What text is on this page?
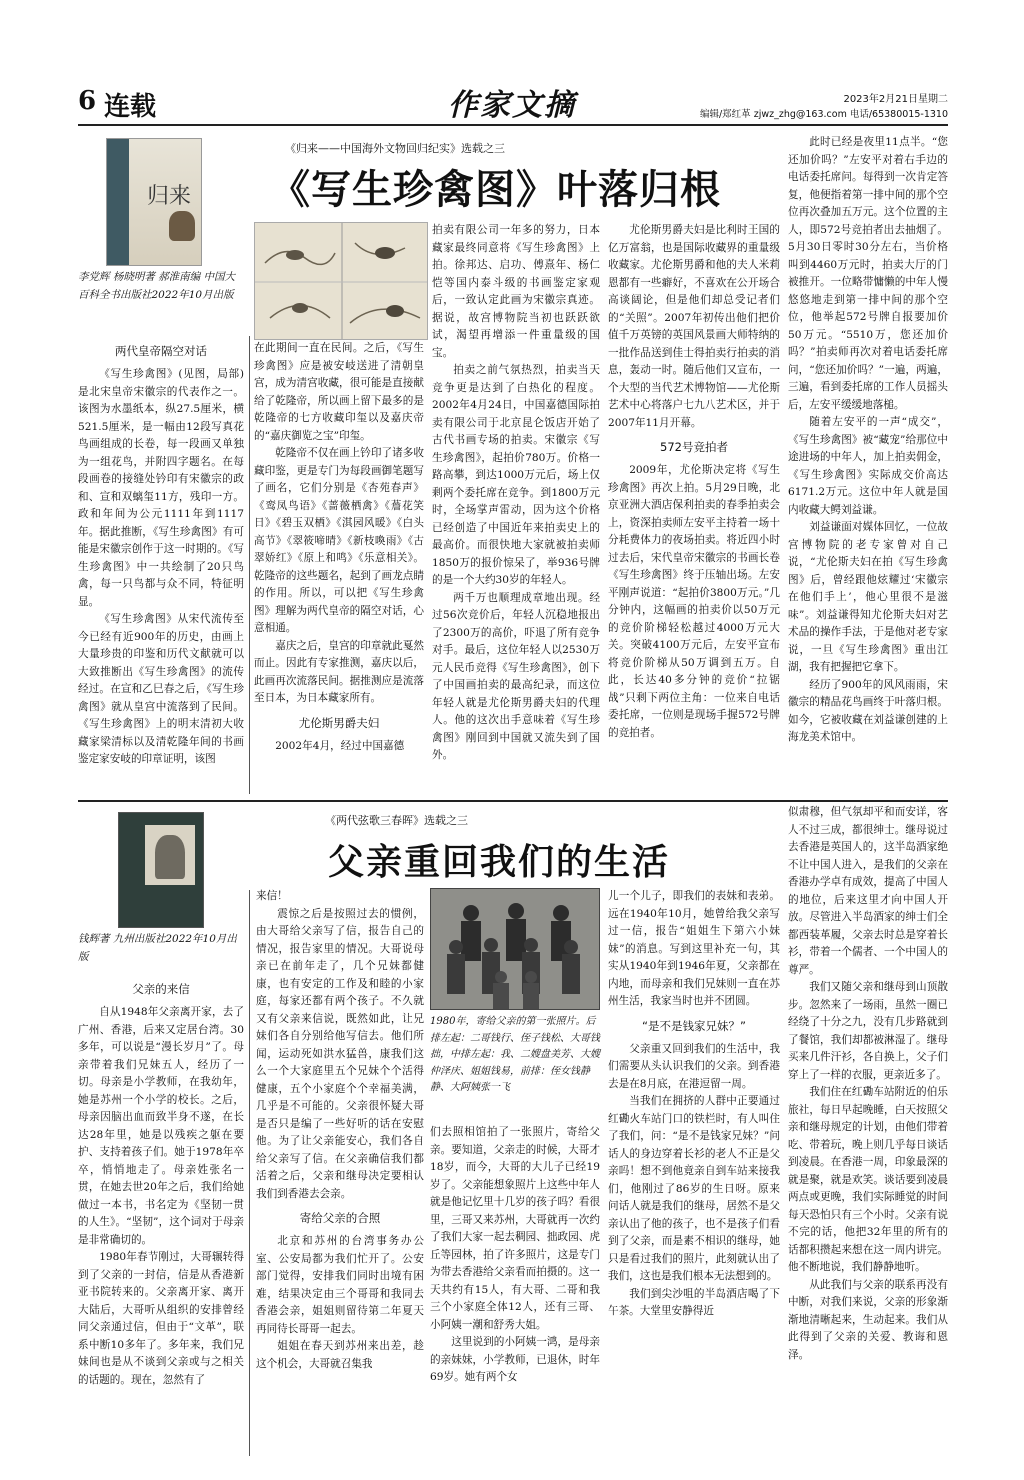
6 连载	作家文摘	2023年2月21日星期二
编辑/郑红革 zjwz_zhg@163.com 电话/65380015-1310
归来
李党辉 杨晓明著 郝淮南编 中国大百科全书出版社2022年10月出版
《归来——中国海外文物回归纪实》选载之三
《写生珍禽图》叶落归根
两代皇帝隔空对话

《写生珍禽图》(见图，局部)是北宋皇帝宋徽宗的代表作之一。该图为水墨纸本，纵27.5厘米，横521.5厘米，是一幅由12段写真花鸟画组成的长卷，每一段画又单独为一组花鸟，并附四字题名。在每段画卷的接缝处钤印有宋徽宗的政和、宣和双螭玺11方，残印一方。政和年间为公元1111年到1117年。据此推断，《写生珍禽图》有可能是宋徽宗创作于这一时期的。《写生珍禽图》中一共绘制了20只鸟禽，每一只鸟都与众不同，特征明显。

《写生珍禽图》从宋代流传至今已经有近900年的历史，由画上大量珍贵的印鉴和历代文献就可以大致推断出《写生珍禽图》的流传经过。在宣和乙巳春之后，《写生珍禽图》就从皇宫中流落到了民间。《写生珍禽图》上的明末清初大收藏家梁清标以及清乾隆年间的书画鉴定家安岐的印章证明，该图

在此期间一直在民间。之后，《写生珍禽图》应是被安岐送进了清朝皇宫，成为清宫收藏，很可能是直接献给了乾隆帝，所以画上留下最多的是乾隆帝的七方收藏印玺以及嘉庆帝的“嘉庆御览之宝”印玺。

乾隆帝不仅在画上钤印了诸多收藏印鉴，更是专门为每段画御笔题写了画名，它们分别是《杏苑春声》《鸾凤鸟语》《蔷薇栖禽》《薝花笑日》《碧玉双栖》《淇园风暖》《白头高节》《翠筱啼晴》《新枝喚雨》《古翠娇红》《原上和鸣》《乐意相关》。乾隆帝的这些题名，起到了画龙点睛的作用。所以，可以把《写生珍禽图》理解为两代皇帝的隔空对话，心意相通。

嘉庆之后，皇宫的印章就此戛然而止。因此有专家推测，嘉庆以后，此画再次流落民间。据推测应是流落至日本，为日本藏家所有。

尤伦斯男爵夫妇

2002年4月，经过中国嘉德

拍卖有限公司一年多的努力，日本藏家最终同意将《写生珍禽图》上拍。徐邦达、启功、傅熹年、杨仁恺等国内泰斗级的书画鉴定家观后，一致认定此画为宋徽宗真迹。据说，故宫博物院当初也跃跃欲试，渴望再增添一件重量级的国宝。

拍卖之前气氛热烈，拍卖当天竞争更是达到了白热化的程度。2002年4月24日，中国嘉德国际拍卖有限公司于北京昆仑饭店开始了古代书画专场的拍卖。宋徽宗《写生珍禽图》，起拍价780万。价格一路高攀，到达1000万元后，场上仅剩两个委托席在竞争。到1800万元时，全场掌声雷动，因为这个价格已经创造了中国近年来拍卖史上的最高价。而很快地大家就被拍卖师1850万的报价惊呆了，举936号牌的是一个大约30岁的年轻人。

两千万也顺理成章地出现。经过56次竞价后，年轻人沉稳地报出了2300万的高价，吓退了所有竞争对手。最后，这位年轻人以2530万元人民币竞得《写生珍禽图》，创下了中国画拍卖的最高纪录，而这位年轻人就是尤伦斯男爵夫妇的代理人。他的这次出手意味着《写生珍禽图》刚回到中国就又流失到了国外。

尤伦斯男爵夫妇是比利时王国的亿万富翁，也是国际收藏界的重量级收藏家。尤伦斯男爵和他的夫人米莉恩都有一些癖好，不喜欢在公开场合高谈阔论，但是他们却总受记者们的“关照”。2007年初传出他们把价值千万英镑的英国风景画大师特纳的一批作品送到佳士得拍卖行拍卖的消息，轰动一时。随后他们又宣布，一个大型的当代艺术博物馆——尤伦斯艺术中心将落户七九八艺术区，并于2007年11月开幕。

572号竞拍者

2009年，尤伦斯决定将《写生珍禽图》再次上拍。5月29日晚，北京亚洲大酒店保利拍卖的春季拍卖会上，资深拍卖师左安平主持着一场十分耗费体力的夜场拍卖。将近四小时过去后，宋代皇帝宋徽宗的书画长卷《写生珍禽图》终于压轴出场。左安平刚声说道：“起拍价3800万元。”几分钟内，这幅画的拍卖价以50万元的竞价阶梯轻松越过4000万元大关。突破4100万元后，左安平宣布将竞价阶梯从50万调到五万。自此，长达40多分钟的竞价“拉锯战”只剩下两位主角：一位来自电话委托席，一位则是现场手握572号牌的竞拍者。

此时已经是夜里11点半。“您还加价吗？”左安平对着右手边的电话委托席问。每得到一次肯定答复，他便指着第一排中间的那个空位再次叠加五万元。这个位置的主人，即572号竞拍者出去抽烟了。5月30日零时30分左右，当价格叫到4460万元时，拍卖大厅的门被推开。一位略带慵懒的中年人慢悠悠地走到第一排中间的那个空位，他举起572号牌自报要加价50万元。“5510万，您还加价吗？”拍卖师再次对着电话委托席问，“您还加价吗？”一遍，两遍，三遍，看到委托席的工作人员摇头后，左安平缓缓地落槌。

随着左安平的一声“成交”，《写生珍禽图》被“藏宠”给那位中途进场的中年人，加上拍卖佣金，《写生珍禽图》实际成交价高达6171.2万元。这位中年人就是国内收藏大鳄刘益谦。

刘益谦面对媒体回忆，一位故宫博物院的老专家曾对自己说，“尤伦斯夫妇在拍《写生珍禽图》后，曾经跟他炫耀过‘宋徽宗在他们手上’，他心里很不是滋味”。刘益谦得知尤伦斯夫妇对艺术品的操作手法，于是他对老专家说，一旦《写生珍禽图》重出江湖，我有把握把它拿下。

经历了900年的风风雨雨，宋徽宗的精品花鸟画终于叶落归根。如今，它被收藏在刘益谦创建的上海龙美术馆中。

钱辉著 九州出版社2022年10月出版
《两代弦歌三春晖》选载之三
父亲重回我们的生活
父亲的来信

自从1948年父亲离开家，去了广州、香港，后来又定居台湾。30多年，可以说是“漫长岁月”了。母亲带着我们兄妹五人，经历了一切。母亲是小学教师，在我幼年，她是苏州一个小学的校长。之后，母亲因脑出血而致半身不遂，在长达28年里，她是以残疾之躯在要护、支持着孩子们。她于1978年卒卒，悄悄地走了。母亲姓张名一贯，在她去世20年之后，我们给她做过一本书，书名定为《坚韧一贯的人生》。“坚韧”，这个词对于母亲是非常确切的。

1980年春节刚过，大哥辗转得到了父亲的一封信，信是从香港新亚书院转来的。父亲离开家、离开大陆后，大哥听从组织的安排曾经同父亲通过信，但由于“文革”，联系中断10多年了。多年来，我们兄妹间也是从不谈到父亲或与之相关的话题的。现在，忽然有了

来信！

震惊之后是按照过去的惯例，由大哥给父亲写了信，报告自己的情况，报告家里的情况。大哥说母亲已在前年走了，几个兄妹都健康，也有安定的工作及和睦的小家庭，每家还都有两个孩子。不久就又有父亲来信说，既然如此，让兄妹们各自分别给他写信去。他们所闻，运动死如洪水猛兽，康我们这么一个大家庭里五个兄妹个个活得健康，五个小家庭个个幸福美满，几乎是不可能的。父亲很怀疑大哥是否只是编了一些好听的话在安慰他。为了让父亲能安心，我们各自给父亲写了信。在父亲确信我们都活着之后，父亲和继母决定要相认我们到香港去会亲。

寄给父亲的合照

北京和苏州的台湾事务办公室、公安局都为我们忙开了。公安部门觉得，安排我们同时出境有困难，结果决定由三个哥哥和我同去香港会亲，姐姐则留待第二年夏天再同待长哥哥一起去。

姐姐在春天到苏州来出差，趁这个机会，大哥就召集我

1980年，寄给父亲的第一张照片。后排左起：二哥钱行、侄子钱松、大哥钱拙，中排左起：我、二嫂盘美芳、大嫂仲泽庆、姐姐钱易，前排：侄女钱静静、大阿姨张一飞

们去照相馆拍了一张照片，寄给父亲。要知道，父亲走的时候，大哥才18岁，而今，大哥的大儿子已经19岁了。父亲能想象照片上这些中年人就是他记忆里十几岁的孩子吗？看很里，三哥又来苏州，大哥就再一次约了我们大家一起去稠园、拙政园、虎丘等园林，拍了许多照片，这是专门为带去香港给父亲看而拍摄的。这一天共约有15人，有大哥、二哥和我三个小家庭全体12人，还有三哥、小阿姨一潮和舒秀大姐。

这里说到的小阿姨一鸿，是母亲的亲妹妹，小学教师，已退休，时年69岁。她有两个女

儿一个儿子，即我们的表妹和表弟。远在1940年10月，她曾给我父亲写过一信，报告“姐姐生下第六小妹妹”的消息。写到这里补充一句，其实从1940年到1946年夏，父亲都在内地，而母亲和我们兄妹则一直在苏州生活，我家当时也并不团圆。

“是不是钱家兄妹？”

父亲重又回到我们的生活中，我们需要从头认识我们的父亲。到香港去是在8月底，在港逗留一周。

当我们在拥挤的人群中正要通过红磡火车站门口的铁栏时，有人叫住了我们，问：“是不是钱家兄妹？”问话人的身边穿着长衫的老人不正是父亲吗！想不到他竟亲自到车站来接我们，他刚过了86岁的生日呀。原来问话人就是我们的继母，居然不是父亲认出了他的孩子，也不是孩子们看到了父亲，而是素不相识的继母，她只是看过我们的照片，此刻就认出了我们，这也是我们根本无法想到的。

我们到尖沙咀的半岛酒店喝了下午茶。大堂里安静得近

似肃穆，但气氛却平和而安详，客人不过三成，都很绅士。继母说过去香港是英国人的，这半岛酒家绝不让中国人进入，是我们的父亲在香港办学卓有成效，提高了中国人的地位，后来这里才向中国人开放。尽管进入半岛酒家的绅士们全都西装革履，父亲去时总是穿着长衫，带着一个儒者、一个中国人的尊严。

我们又随父亲和继母到山顶散步。忽然来了一场雨，虽然一圈已经绕了十分之九，没有几步路就到了餐馆，我们却都被淋湿了。继母买来几件汗衫，各自换上，父子们穿上了一样的衣服，更亲近多了。

我们住在红磡车站附近的伯乐旅社，每日早起晚睡，白天按照父亲和继母规定的计划，由他们带着吃、带着玩，晚上则几乎每日谈话到凌晨。在香港一周，印象最深的就是聚，就是欢笑。谈话要到凌晨两点或更晚，我们实际睡觉的时间每天恐怕只有三个小时。父亲有说不完的话，他把32年里的所有的话都积攒起来想在这一周内讲完。他不断地说，我们静静地听。

从此我们与父亲的联系再没有中断，对我们来说，父亲的形象渐渐地清晰起来，生动起来。我们从此得到了父亲的关爱、教诲和恩泽。
